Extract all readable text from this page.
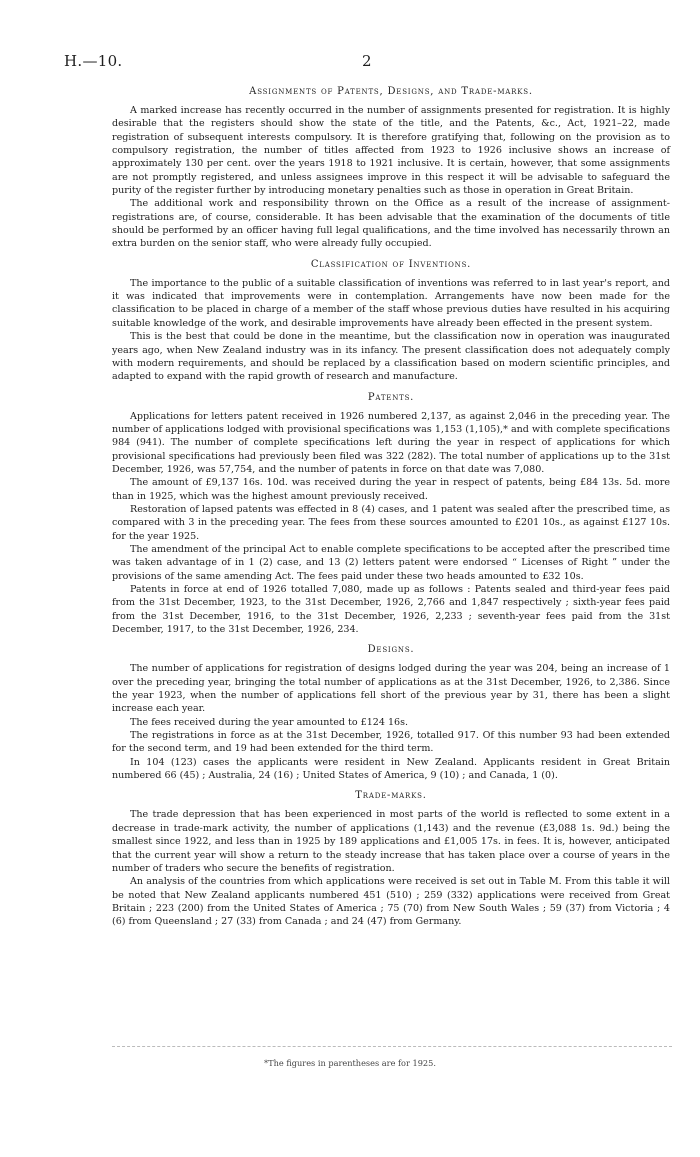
H.—10.	2
Assignments of Patents, Designs, and Trade-marks.

A marked increase has recently occurred in the number of assignments presented for registration. It is highly desirable that the registers should show the state of the title, and the Patents, &c., Act, 1921–22, made registration of subsequent interests compulsory. It is therefore gratifying that, following on the provision as to compulsory registration, the number of titles affected from 1923 to 1926 inclusive shows an increase of approximately 130 per cent. over the years 1918 to 1921 inclusive. It is certain, however, that some assignments are not promptly registered, and unless assignees improve in this respect it will be advisable to safeguard the purity of the register further by introducing monetary penalties such as those in operation in Great Britain.

The additional work and responsibility thrown on the Office as a result of the increase of assignment-registrations are, of course, considerable. It has been advisable that the examination of the documents of title should be performed by an officer having full legal qualifications, and the time involved has necessarily thrown an extra burden on the senior staff, who were already fully occupied.

Classification of Inventions.

The importance to the public of a suitable classification of inventions was referred to in last year's report, and it was indicated that improvements were in contemplation. Arrangements have now been made for the classification to be placed in charge of a member of the staff whose previous duties have resulted in his acquiring suitable knowledge of the work, and desirable improvements have already been effected in the present system.

This is the best that could be done in the meantime, but the classification now in operation was inaugurated years ago, when New Zealand industry was in its infancy. The present classification does not adequately comply with modern requirements, and should be replaced by a classification based on modern scientific principles, and adapted to expand with the rapid growth of research and manufacture.

Patents.

Applications for letters patent received in 1926 numbered 2,137, as against 2,046 in the preceding year. The number of applications lodged with provisional specifications was 1,153 (1,105),* and with complete specifications 984 (941). The number of complete specifications left during the year in respect of applications for which provisional specifications had previously been filed was 322 (282). The total number of applications up to the 31st December, 1926, was 57,754, and the number of patents in force on that date was 7,080.

The amount of £9,137 16s. 10d. was received during the year in respect of patents, being £84 13s. 5d. more than in 1925, which was the highest amount previously received.

Restoration of lapsed patents was effected in 8 (4) cases, and 1 patent was sealed after the prescribed time, as compared with 3 in the preceding year. The fees from these sources amounted to £201 10s., as against £127 10s. for the year 1925.

The amendment of the principal Act to enable complete specifications to be accepted after the prescribed time was taken advantage of in 1 (2) case, and 13 (2) letters patent were endorsed “ Licenses of Right ” under the provisions of the same amending Act. The fees paid under these two heads amounted to £32 10s.

Patents in force at end of 1926 totalled 7,080, made up as follows : Patents sealed and third-year fees paid from the 31st December, 1923, to the 31st December, 1926, 2,766 and 1,847 respectively ; sixth-year fees paid from the 31st December, 1916, to the 31st December, 1926, 2,233 ; seventh-year fees paid from the 31st December, 1917, to the 31st December, 1926, 234.

Designs.

The number of applications for registration of designs lodged during the year was 204, being an increase of 1 over the preceding year, bringing the total number of applications as at the 31st December, 1926, to 2,386. Since the year 1923, when the number of applications fell short of the previous year by 31, there has been a slight increase each year.

The fees received during the year amounted to £124 16s.

The registrations in force as at the 31st December, 1926, totalled 917. Of this number 93 had been extended for the second term, and 19 had been extended for the third term.

In 104 (123) cases the applicants were resident in New Zealand. Applicants resident in Great Britain numbered 66 (45) ; Australia, 24 (16) ; United States of America, 9 (10) ; and Canada, 1 (0).

Trade-marks.

The trade depression that has been experienced in most parts of the world is reflected to some extent in a decrease in trade-mark activity, the number of applications (1,143) and the revenue (£3,088 1s. 9d.) being the smallest since 1922, and less than in 1925 by 189 applications and £1,005 17s. in fees. It is, however, anticipated that the current year will show a return to the steady increase that has taken place over a course of years in the number of traders who secure the benefits of registration.

An analysis of the countries from which applications were received is set out in Table M. From this table it will be noted that New Zealand applicants numbered 451 (510) ; 259 (332) applications were received from Great Britain ; 223 (200) from the United States of America ; 75 (70) from New South Wales ; 59 (37) from Victoria ; 4 (6) from Queensland ; 27 (33) from Canada ; and 24 (47) from Germany.

*The figures in parentheses are for 1925.
